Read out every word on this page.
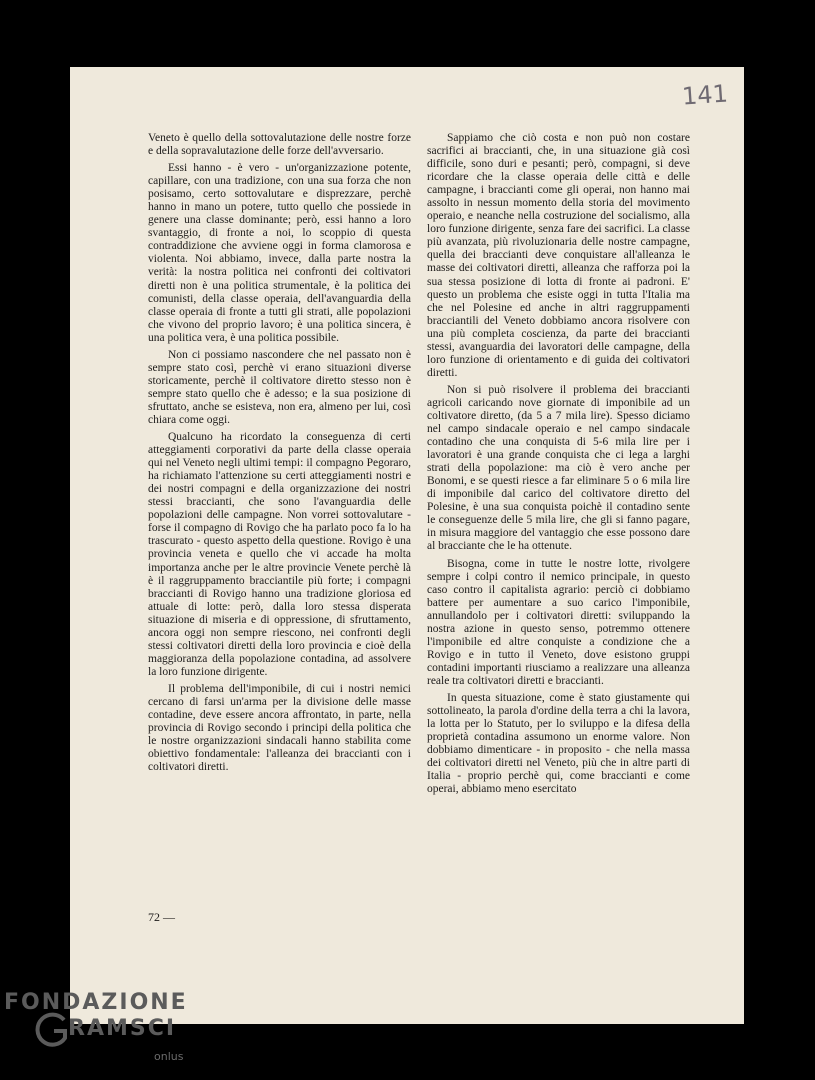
141

Veneto è quello della sottovalutazione delle nostre forze e della sopravalutazione delle forze dell'avversario.

Essi hanno - è vero - un'organizzazione potente, capillare, con una tradizione, con una sua forza che non posisamo, certo sottovalutare e disprezzare, perchè hanno in mano un potere, tutto quello che possiede in genere una classe dominante; però, essi hanno a loro svantaggio, di fronte a noi, lo scoppio di questa contraddizione che avviene oggi in forma clamorosa e violenta. Noi abbiamo, invece, dalla parte nostra la verità: la nostra politica nei confronti dei coltivatori diretti non è una politica strumentale, è la politica dei comunisti, della classe operaia, dell'avanguardia della classe operaia di fronte a tutti gli strati, alle popolazioni che vivono del proprio lavoro; è una politica sincera, è una politica vera, è una politica possibile.

Non ci possiamo nascondere che nel passato non è sempre stato così, perchè vi erano situazioni diverse storicamente, perchè il coltivatore diretto stesso non è sempre stato quello che è adesso; e la sua posizione di sfruttato, anche se esisteva, non era, almeno per lui, così chiara come oggi.

Qualcuno ha ricordato la conseguenza di certi atteggiamenti corporativi da parte della classe operaia qui nel Veneto negli ultimi tempi: il compagno Pegoraro, ha richiamato l'attenzione su certi atteggiamenti nostri e dei nostri compagni e della organizzazione dei nostri stessi braccianti, che sono l'avanguardia delle popolazioni delle campagne. Non vorrei sottovalutare - forse il compagno di Rovigo che ha parlato poco fa lo ha trascurato - questo aspetto della questione. Rovigo è una provincia veneta e quello che vi accade ha molta importanza anche per le altre provincie Venete perchè là è il raggruppamento bracciantile più forte; i compagni braccianti di Rovigo hanno una tradizione gloriosa ed attuale di lotte: però, dalla loro stessa disperata situazione di miseria e di oppressione, di sfruttamento, ancora oggi non sempre riescono, nei confronti degli stessi coltivatori diretti della loro provincia e cioè della maggioranza della popolazione contadina, ad assolvere la loro funzione dirigente.

Il problema dell'imponibile, di cui i nostri nemici cercano di farsi un'arma per la divisione delle masse contadine, deve essere ancora affrontato, in parte, nella provincia di Rovigo secondo i principi della politica che le nostre organizzazioni sindacali hanno stabilita come obiettivo fondamentale: l'alleanza dei braccianti con i coltivatori diretti.

Sappiamo che ciò costa e non può non costare sacrifici ai braccianti, che, in una situazione già così difficile, sono duri e pesanti; però, compagni, si deve ricordare che la classe operaia delle città e delle campagne, i braccianti come gli operai, non hanno mai assolto in nessun momento della storia del movimento operaio, e neanche nella costruzione del socialismo, alla loro funzione dirigente, senza fare dei sacrifici. La classe più avanzata, più rivoluzionaria delle nostre campagne, quella dei braccianti deve conquistare all'alleanza le masse dei coltivatori diretti, alleanza che rafforza poi la sua stessa posizione di lotta di fronte ai padroni. E' questo un problema che esiste oggi in tutta l'Italia ma che nel Polesine ed anche in altri raggruppamenti bracciantili del Veneto dobbiamo ancora risolvere con una più completa coscienza, da parte dei braccianti stessi, avanguardia dei lavoratori delle campagne, della loro funzione di orientamento e di guida dei coltivatori diretti.

Non si può risolvere il problema dei braccianti agricoli caricando nove giornate di imponibile ad un coltivatore diretto, (da 5 a 7 mila lire). Spesso diciamo nel campo sindacale operaio e nel campo sindacale contadino che una conquista di 5-6 mila lire per i lavoratori è una grande conquista che ci lega a larghi strati della popolazione: ma ciò è vero anche per Bonomi, e se questi riesce a far eliminare 5 o 6 mila lire di imponibile dal carico del coltivatore diretto del Polesine, è una sua conquista poichè il contadino sente le conseguenze delle 5 mila lire, che gli si fanno pagare, in misura maggiore del vantaggio che esse possono dare al bracciante che le ha ottenute.

Bisogna, come in tutte le nostre lotte, rivolgere sempre i colpi contro il nemico principale, in questo caso contro il capitalista agrario: perciò ci dobbiamo battere per aumentare a suo carico l'imponibile, annullandolo per i coltivatori diretti: sviluppando la nostra azione in questo senso, potremmo ottenere l'imponibile ed altre conquiste a condizione che a Rovigo e in tutto il Veneto, dove esistono gruppi contadini importanti riusciamo a realizzare una alleanza reale tra coltivatori diretti e braccianti.

In questa situazione, come è stato giustamente qui sottolineato, la parola d'ordine della terra a chi la lavora, la lotta per lo Statuto, per lo sviluppo e la difesa della proprietà contadina assumono un enorme valore. Non dobbiamo dimenticare - in proposito - che nella massa dei coltivatori diretti nel Veneto, più che in altre parti di Italia - proprio perchè qui, come braccianti e come operai, abbiamo meno esercitato

72 —
FONDAZIONE
RAMSCI
onlus
